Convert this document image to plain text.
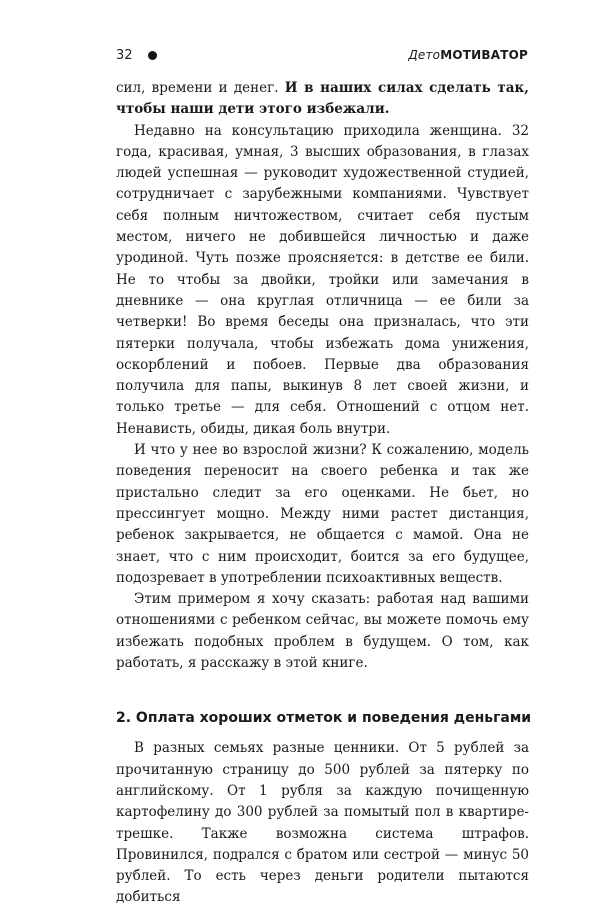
32	ДетоМОТИВАТОР

сил, времени и денег. И в наших силах сделать так, чтобы наши дети этого избежали.

Недавно на консультацию приходила женщина. 32 года, красивая, умная, 3 высших образования, в глазах людей успешная — руководит художественной студией, сотрудничает с зарубежными компаниями. Чувствует себя полным ничтожеством, считает себя пустым местом, ничего не добившейся личностью и даже уродиной. Чуть позже проясняется: в детстве ее били. Не то чтобы за двойки, тройки или замечания в дневнике — она круглая отличница — ее били за четверки! Во время беседы она призналась, что эти пятерки получала, чтобы избежать дома унижения, оскорблений и побоев. Первые два образования получила для папы, выкинув 8 лет своей жизни, и только третье — для себя. Отношений с отцом нет. Ненависть, обиды, дикая боль внутри.

И что у нее во взрослой жизни? К сожалению, модель поведения переносит на своего ребенка и так же пристально следит за его оценками. Не бьет, но прессингует мощно. Между ними растет дистанция, ребенок закрывается, не общается с мамой. Она не знает, что с ним происходит, боится за его будущее, подозревает в употреблении психоактивных веществ.

Этим примером я хочу сказать: работая над вашими отношениями с ребенком сейчас, вы можете помочь ему избежать подобных проблем в будущем. О том, как работать, я расскажу в этой книге.

2. Оплата хороших отметок и поведения деньгами

В разных семьях разные ценники. От 5 рублей за прочитанную страницу до 500 рублей за пятерку по английскому. От 1 рубля за каждую почищенную картофелину до 300 рублей за помытый пол в квартире-трешке. Также возможна система штрафов. Провинился, подрался с братом или сестрой — минус 50 рублей. То есть через деньги родители пытаются добиться
